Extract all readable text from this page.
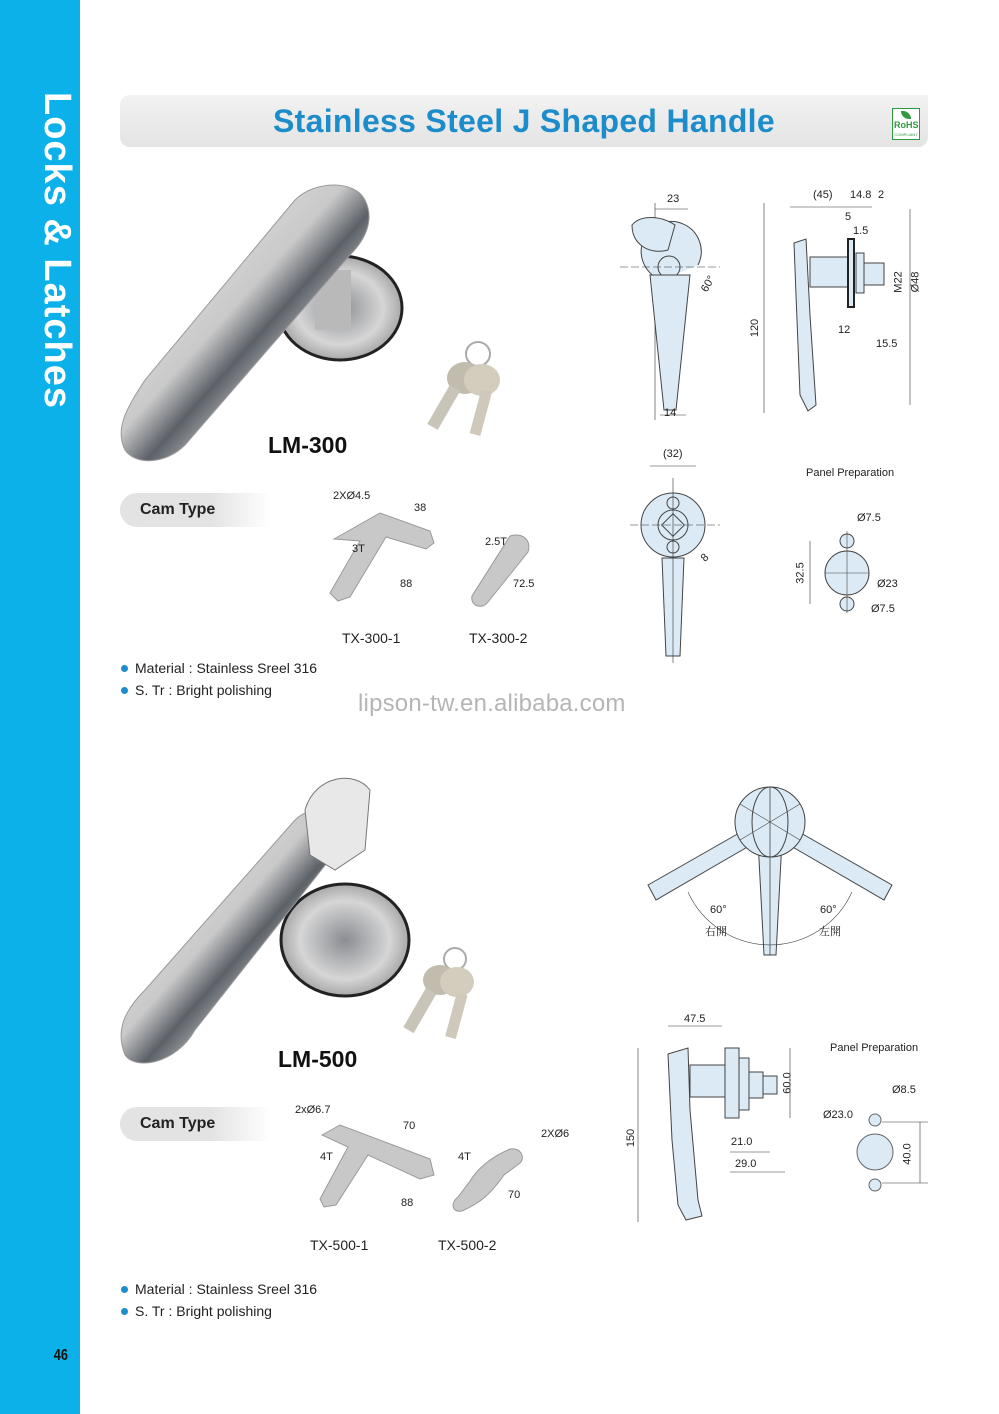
Locks & Latches
46
Stainless Steel J Shaped Handle	RoHS
COMPLIANT
LM-300
Cam Type
2XØ4.5
38
3T
88
2.5T
72.5
TX-300-1	TX-300-2
Material : Stainless Sreel 316
S. Tr : Bright polishing	lipson-tw.en.alibaba.com
23
60°
14
(45) 14.8 2
5
1.5
M22 Ø48
120	12
15.5
(32)
8
Panel Preparation
Ø7.5
Ø23
Ø7.5
32.5
LM-500
Cam Type
2xØ6.7
70
4T
88
4T
2XØ6
70
TX-500-1	TX-500-2
Material : Stainless Sreel 316
S. Tr : Bright polishing
60°
右開
60°
左開
47.5
150
60.0
21.0
29.0
Panel Preparation
Ø8.5
Ø23.0
40.0
